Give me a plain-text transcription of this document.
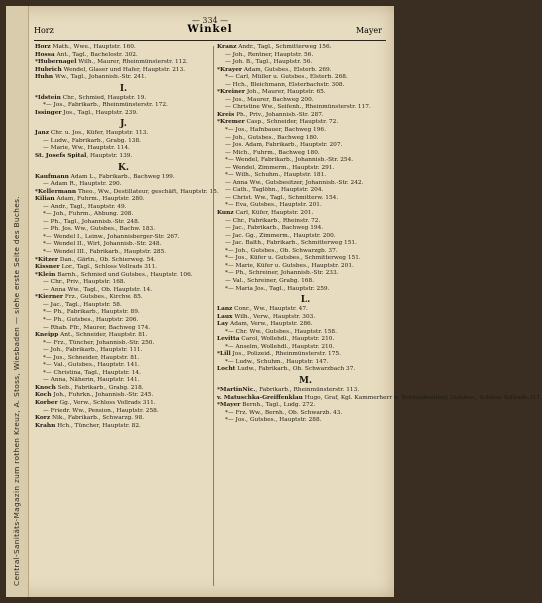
Central-Sanitäts-Magazin zum rothen Kreuz, A. Stoss, Wiesbaden — siehe erste Seite des Buches.
— 334 —
Horz	Winkel	Mayer
Horz Math., Wwe., Hauptstr. 160.
Hossa Ant., Tagl., Bachelostr. 302.
*Hubernagel Wilh., Maurer, Rheinmünsterstr. 112.
Hubrich Wendel, Glaser und Hafer, Hauptstr. 213.
Huhn Ww., Tagl., Johannisb.-Str. 241.
I.
*Idstein Chr., Schmied, Hauptstr. 19.
*— Jos., Fabrikarb., Rheinmünsterstr. 172.
Issinger Jos., Tagl., Hauptstr. 239.
J.
Janz Chr. u. Jos., Küfer, Hauptstr. 113.
— Ludw., Fabrikarb., Grabg. 138.
— Marie, Ww., Hauptstr. 114.
St. Josefs Spital, Hauptstr. 139.
K.
Kaufmann Adam L., Fabrikarb., Bachweg 199.
— Adam R., Hauptstr. 290.
*Kellermann Theo., Ww., Destillateur, geschäft, Hauptstr. 15.
Kilian Adam, Fuhrm., Hauptstr. 280.
— Andr., Tagl., Hauptstr. 49.
*— Joh., Fuhrm., Ahbung. 208.
— Ph., Tagl., Johannisb.-Str. 248.
— Ph. Jos. Ww., Gutsbes., Bachw. 183.
*— Wendel I., Leinw., Johannisberger-Str. 267.
*— Wendel II., Wirt, Johannisb.-Str. 248.
*— Wendel III., Fabrikarb., Hauptstr. 285.
*Kitzer Dan., Gärtn., Ob. Schierweg. 54.
Kissner Lor., Tagl., Schloss Vollrads 311.
*Klein Barnh., Schmied und Gutsbes., Hauptstr. 106.
— Chr., Priv., Hauptstr. 168.
— Anna Ww., Tagl., Ob. Hauptstr. 14.
*Kierner Frz., Gutsbes., Kirchw. 85.
— Jac., Tagl., Hauptstr. 58.
*— Ph., Fabrikarb., Hauptstr. 89.
*— Ph., Gutsbes., Hauptstr. 206.
— Rhab. Ffr., Maurer, Bachweg 174.
Kneipp Ant., Schneider, Hauptstr. 81.
*— Frz., Tüncher, Johannisb.-Str. 250.
— Joh., Fabrikarb., Hauptstr. 111.
*— Jos., Schneider, Hauptstr. 81.
*— Val., Gutsbes., Hauptstr. 141.
*— Christina, Tagl., Hauptstr. 14.
— Anna, Näherin, Hauptstr. 141.
Knoch Seb., Fabrikarb., Grabg. 218.
Koch Joh., Fuhrkn., Johannisb.-Str. 245.
Korber Gg., Verw., Schloss Vollrads 311.
— Friedr. Ww., Pension., Hauptstr. 258.
Korz Nik., Fabrikarb., Schwarzg. 98.
Krahn Hch., Tüncher, Hauptstr. 82.
Kranz Andr., Tagl., Schmitterweg 156.
— Joh., Rentner, Hauptstr. 56.
— Joh. B., Tagl., Hauptstr. 56.
*Krayer Adam, Gutsbes., Elsterb. 269.
*— Carl, Müller u. Gutsbes., Elsterb. 268.
— Hch., Bleichmann, Elsterbachstr. 308.
*Kreiner Joh., Maurer, Hauptstr. 65.
— Jos., Maurer, Bachweg 200.
— Christine Ww., Seifenh., Rheinmünsterstr. 117.
Kreis Ph., Priv., Johannisb.-Str. 287.
*Kremer Casp., Schneider, Hauptstr. 72.
*— Jos., Hafnbauer, Bachweg 196.
— Joh., Gutsbes., Bachweg 180.
— Jos. Adam, Fabrikarb., Hauptstr. 207.
— Mich., Fuhrm., Bachweg 180.
*— Wendel, Fabrikarb., Johannisb.-Str. 254.
— Wendel, Zimmerm., Hauptstr. 291.
*— Wilh., Schuhm., Hauptstr. 181.
— Anna Ww., Gutsbesitzer, Johannisb.-Str. 242.
— Cath., Taglöhn., Hauptstr. 204.
— Christ. Ww., Tagl., Schmitterw. 154.
*— Eva, Gutsbes., Hauptstr. 201.
Kunz Carl, Küfer, Hauptstr. 201.
— Chr., Fabrikarb., Rheinstr. 72.
— Jac., Fabrikarb., Bachweg 194.
— Jac. Gg., Zimmerm., Hauptstr. 200.
— Jac. Balth., Fabrikarb., Schmitterweg 151.
*— Joh., Gutsbes., Ob. Schwarzgb. 37.
*— Jos., Küfer u. Gutsbes., Schmitterweg 151.
*— Marie, Küfer u. Gutsbes., Hauptstr. 201.
*— Ph., Schreiner, Johannisb.-Str. 233.
— Val., Schreiner, Grabg. 168.
*— Maria Jos., Tagl., Hauptstr. 259.
L.
Lanz Conr., Ww., Hauptstr. 47.
Laux Wilh., Verw., Hauptstr. 303.
Lay Adam, Verw., Hauptstr. 286.
*— Chr. Ww., Gutsbes., Hauptstr. 158.
Levitta Carol, Wollehdl., Hauptstr. 210.
*— Anselm, Wollehdl., Hauptstr. 210.
*Lill Jos., Polizeid., Rheinmünsterstr. 175.
*— Ludw., Schuhm., Hauptstr. 147.
Locht Ludw., Fabrikarb., Ob. Schwarzbach 37.
M.
*MartinNic., Fabrikarb., Rheinmünsterstr. 113.
v. Matuschka-Greiffenklau Hugo, Graf, Kgl. Kammerherr u. Schlossbesitzer, Gutsbes., Schloss Vollrads 311.
*Mayer Bernh., Tagl., Ludg. 272.
*— Frz. Ww., Bernh., Ob. Schwarzb. 43.
*— Jos., Gutsbes., Hauptstr. 288.
